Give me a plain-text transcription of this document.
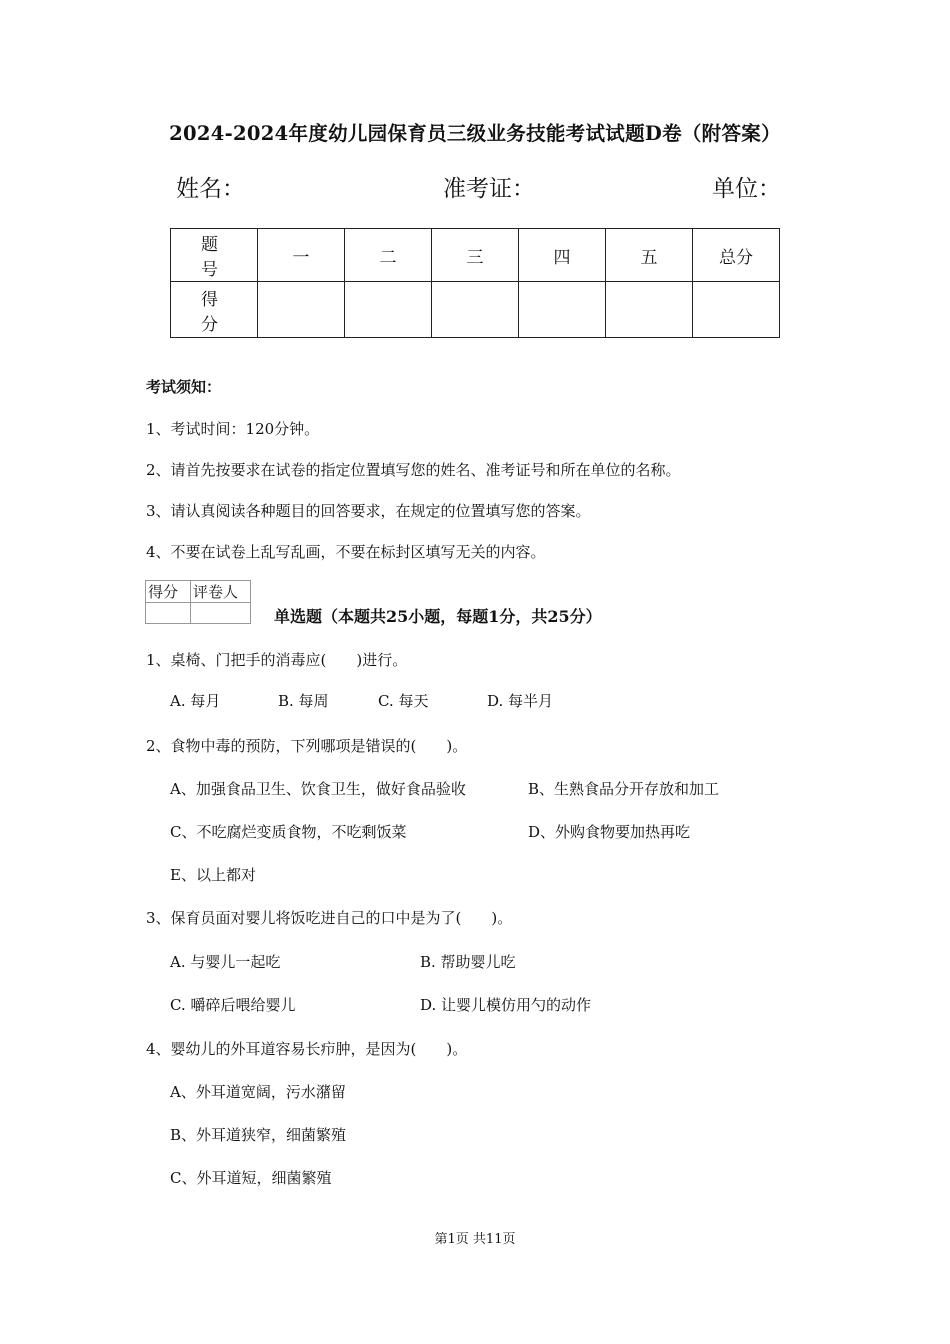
2024-2024年度幼儿园保育员三级业务技能考试试题D卷（附答案）
姓名：	准考证：	单位：
题　号	一	二	三	四	五	总分
得　分						
考试须知：
1、考试时间：120分钟。
2、请首先按要求在试卷的指定位置填写您的姓名、准考证号和所在单位的名称。
3、请认真阅读各种题目的回答要求，在规定的位置填写您的答案。
4、不要在试卷上乱写乱画，不要在标封区填写无关的内容。
得分	评卷人

单选题（本题共25小题，每题1分，共25分）
1、桌椅、门把手的消毒应(　　)进行。
A. 每月	B. 每周	C. 每天	D. 每半月
2、食物中毒的预防，下列哪项是错误的(　　)。
A、加强食品卫生、饮食卫生，做好食品验收	B、生熟食品分开存放和加工
C、不吃腐烂变质食物，不吃剩饭菜	D、外购食物要加热再吃
E、以上都对
3、保育员面对婴儿将饭吃进自己的口中是为了(　　)。
A. 与婴儿一起吃	B. 帮助婴儿吃
C. 嚼碎后喂给婴儿	D. 让婴儿模仿用勺的动作
4、婴幼儿的外耳道容易长疖肿，是因为(　　)。
A、外耳道宽阔，污水潴留
B、外耳道狭窄，细菌繁殖
C、外耳道短，细菌繁殖
第1页 共11页
